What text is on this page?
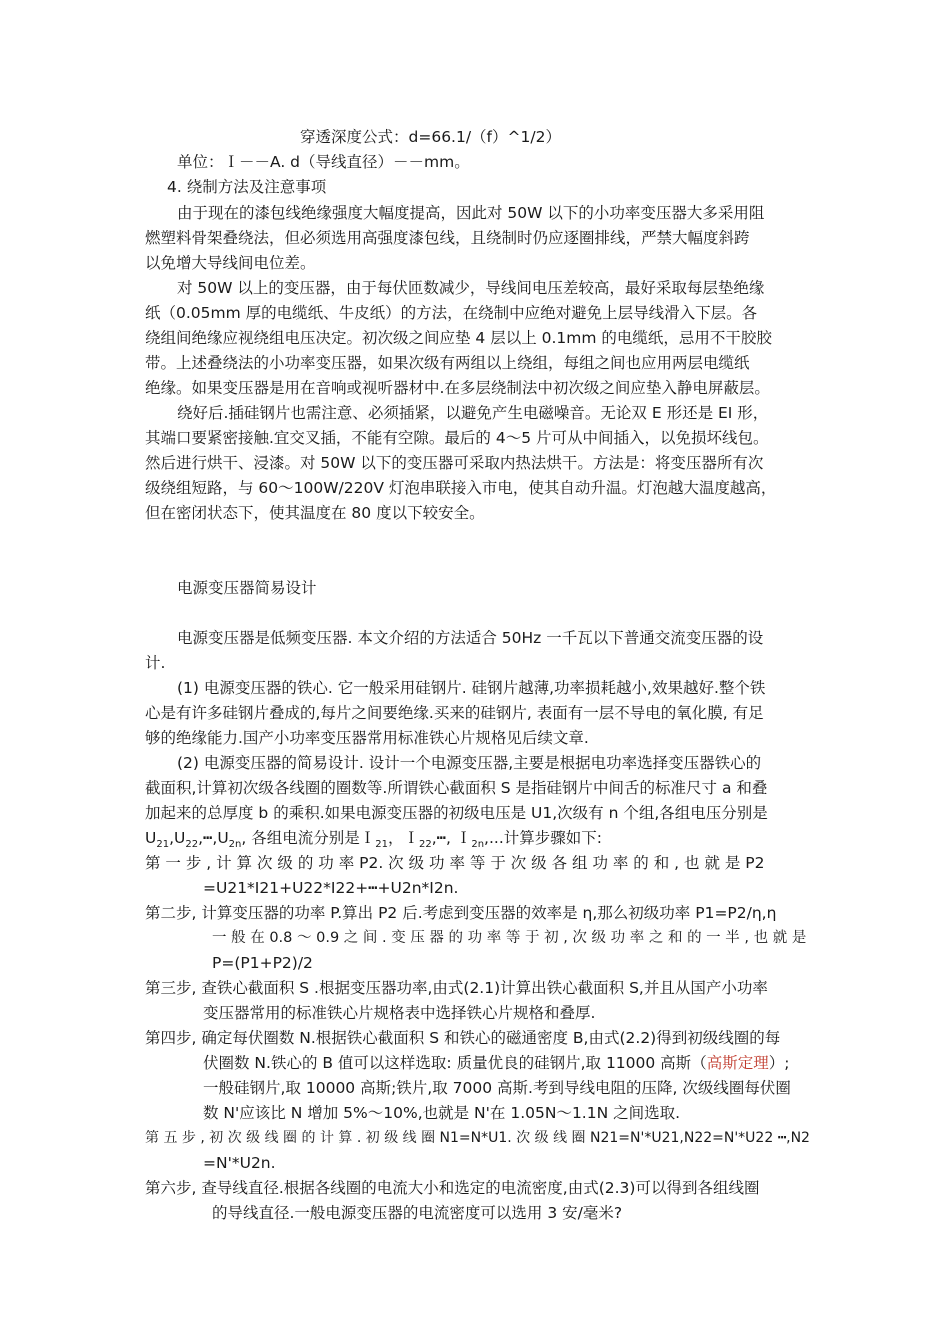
穿透深度公式：d=66.1/（f）^1/2）
单位：Ｉ－－A. d（导线直径）－－mm。
4. 绕制方法及注意事项
由于现在的漆包线绝缘强度大幅度提高，因此对 50W 以下的小功率变压器大多采用阻
燃塑料骨架叠绕法，但必须选用高强度漆包线，且绕制时仍应逐圈排线，严禁大幅度斜跨
以免增大导线间电位差。
对 50W 以上的变压器，由于每伏匝数减少，导线间电压差较高，最好采取每层垫绝缘
纸（0.05mm 厚的电缆纸、牛皮纸）的方法，在绕制中应绝对避免上层导线滑入下层。各
绕组间绝缘应视绕组电压决定。初次级之间应垫 4 层以上 0.1mm 的电缆纸，忌用不干胶胶
带。上述叠绕法的小功率变压器，如果次级有两组以上绕组，每组之间也应用两层电缆纸
绝缘。如果变压器是用在音响或视听器材中.在多层绕制法中初次级之间应垫入静电屏蔽层。
绕好后.插硅钢片也需注意、必须插紧，以避免产生电磁噪音。无论双 E 形还是 EI 形，
其端口要紧密接触.宜交叉插，不能有空隙。最后的 4～5 片可从中间插入，以免损坏线包。
然后进行烘干、浸漆。对 50W 以下的变压器可采取内热法烘干。方法是：将变压器所有次
级绕组短路，与 60～100W/220V 灯泡串联接入市电，使其自动升温。灯泡越大温度越高，
但在密闭状态下，使其温度在 80 度以下较安全。
电源变压器简易设计
电源变压器是低频变压器. 本文介绍的方法适合 50Hz 一千瓦以下普通交流变压器的设
计.
(1) 电源变压器的铁心. 它一般采用硅钢片. 硅钢片越薄,功率损耗越小,效果越好.整个铁
心是有许多硅钢片叠成的,每片之间要绝缘.买来的硅钢片, 表面有一层不导电的氧化膜, 有足
够的绝缘能力.国产小功率变压器常用标准铁心片规格见后续文章.
(2) 电源变压器的简易设计. 设计一个电源变压器,主要是根据电功率选择变压器铁心的
截面积,计算初次级各线圈的圈数等.所谓铁心截面积 S 是指硅钢片中间舌的标准尺寸 a 和叠
加起来的总厚度 b 的乘积.如果电源变压器的初级电压是 U1,次级有 n 个组,各组电压分别是
$U_{21},U_{22},┅,U_{2n}$, 各组电流分别是Ｉ$_{21}$，Ｉ$_{22}$,┅, Ｉ$_{2n}$,...计算步骤如下:
第 一 步 , 计 算 次 级 的 功 率 P2. 次 级 功 率 等 于 次 级 各 组 功 率 的 和 , 也 就 是 P2
=U21*I21+U22*I22+┅+U2n*I2n.
第二步, 计算变压器的功率 P.算出 P2 后.考虑到变压器的效率是 η,那么初级功率 P1=P2/η,η
一 般 在 0.8 ～ 0.9 之 间 . 变 压 器 的 功 率 等 于 初 , 次 级 功 率 之 和 的 一 半 , 也 就 是
P=(P1+P2)/2
第三步, 查铁心截面积 S .根据变压器功率,由式(2.1)计算出铁心截面积 S,并且从国产小功率
变压器常用的标准铁心片规格表中选择铁心片规格和叠厚.
第四步, 确定每伏圈数 N.根据铁心截面积 S 和铁心的磁通密度 B,由式(2.2)得到初级线圈的每
伏圈数 N.铁心的 B 值可以这样选取: 质量优良的硅钢片,取 11000 高斯（高斯定理）;
一般硅钢片,取 10000 高斯;铁片,取 7000 高斯.考到导线电阻的压降, 次级线圈每伏圈
数 N'应该比 N 增加 5%～10%,也就是 N'在 1.05N～1.1N 之间选取.
第 五 步 , 初 次 级 线 圈 的 计 算 . 初 级 线 圈 N1=N*U1. 次 级 线 圈 N21=N'*U21,N22=N'*U22 ┅,N2
=N'*U2n.
第六步, 查导线直径.根据各线圈的电流大小和选定的电流密度,由式(2.3)可以得到各组线圈
的导线直径.一般电源变压器的电流密度可以选用 3 安/毫米?
